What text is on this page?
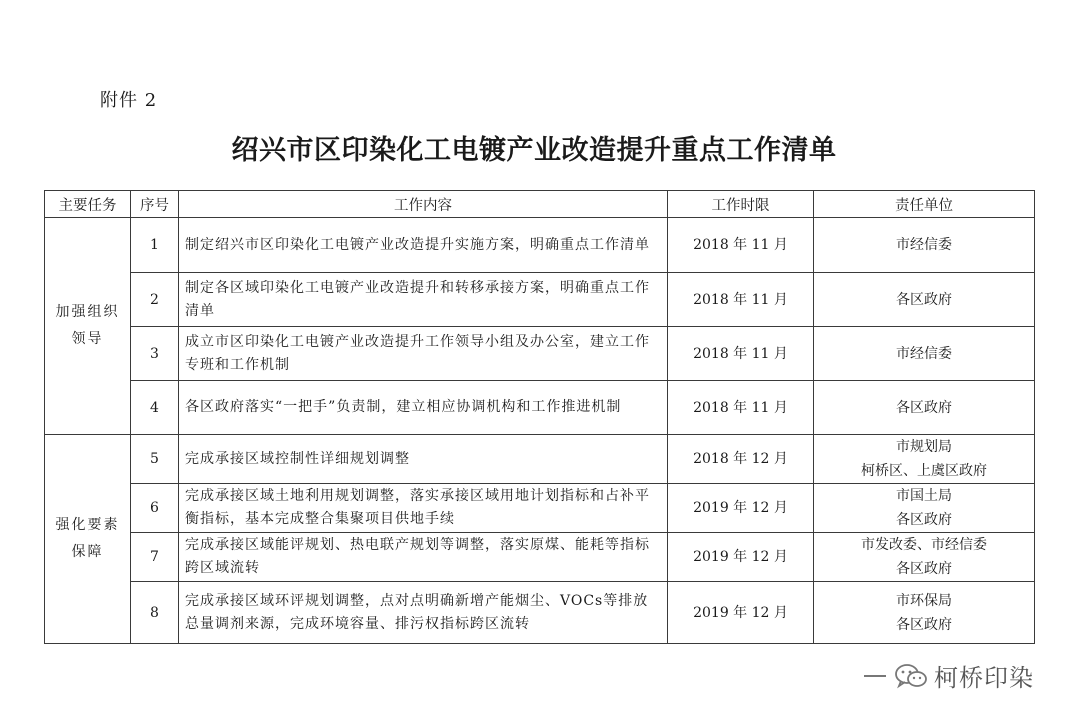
附件 2
绍兴市区印染化工电镀产业改造提升重点工作清单
主要任务	序号	工作内容	工作时限	责任单位
加强组织领导	1	制定绍兴市区印染化工电镀产业改造提升实施方案，明确重点工作清单	2018 年 11 月	市经信委

	2	制定各区域印染化工电镀产业改造提升和转移承接方案，明确重点工作清单	2018 年 11 月	各区政府

	3	成立市区印染化工电镀产业改造提升工作领导小组及办公室，建立工作专班和工作机制	2018 年 11 月	市经信委

	4	各区政府落实“一把手”负责制，建立相应协调机构和工作推进机制	2018 年 11 月	各区政府

强化要素保障	5	完成承接区域控制性详细规划调整	2018 年 12 月	市规划局
柯桥区、上虞区政府

	6	完成承接区域土地利用规划调整，落实承接区域用地计划指标和占补平衡指标，基本完成整合集聚项目供地手续	2019 年 12 月	市国土局
各区政府

	7	完成承接区域能评规划、热电联产规划等调整，落实原煤、能耗等指标跨区域流转	2019 年 12 月	市发改委、市经信委
各区政府

	8	完成承接区域环评规划调整，点对点明确新增产能烟尘、VOCs等排放总量调剂来源，完成环境容量、排污权指标跨区流转	2019 年 12 月	市环保局
各区政府
柯桥印染
